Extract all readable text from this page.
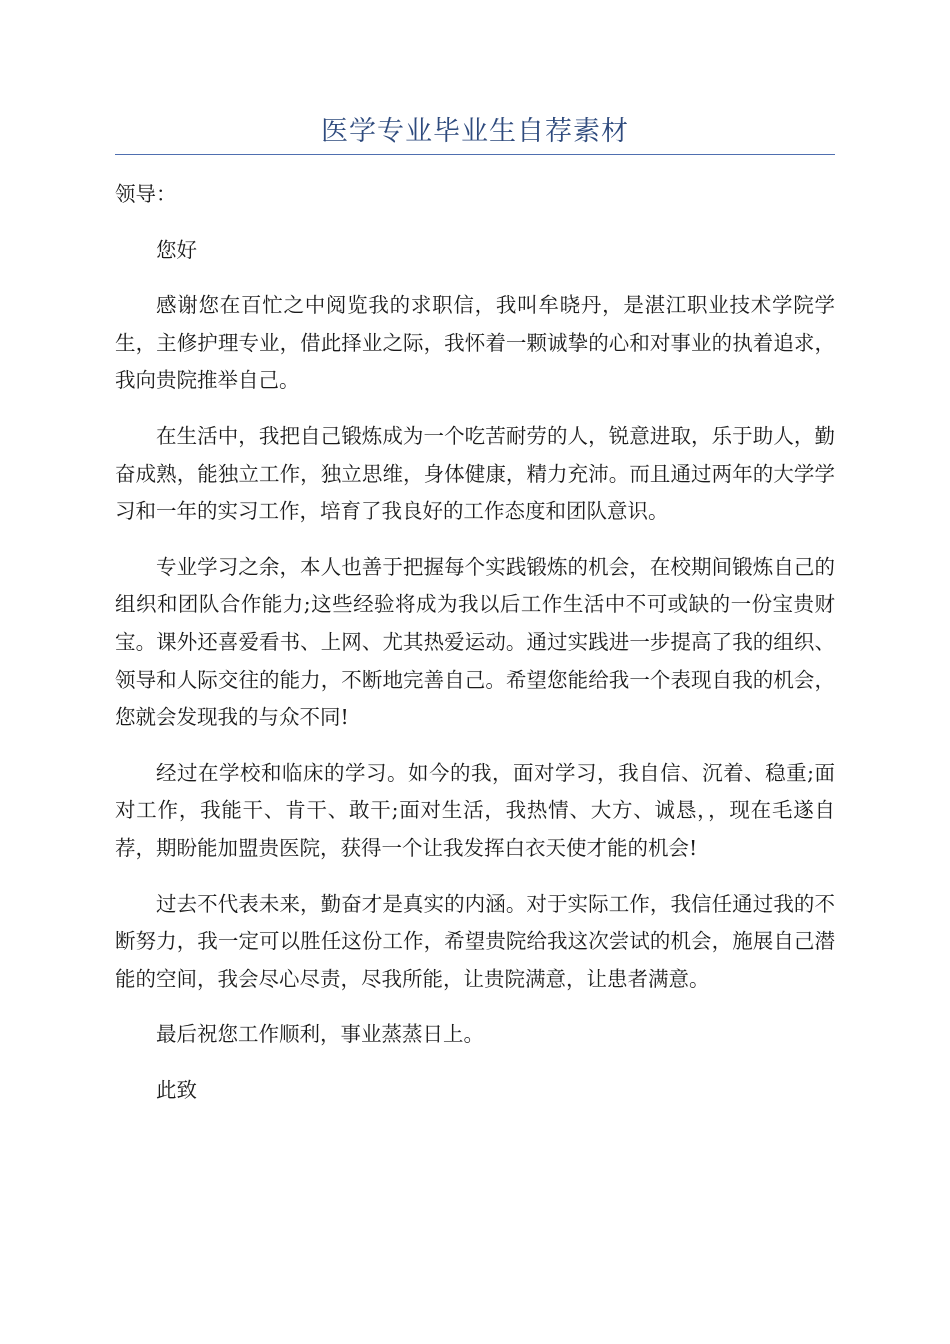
医学专业毕业生自荐素材

领导：

您好

感谢您在百忙之中阅览我的求职信，我叫牟晓丹，是湛江职业技术学院学生，主修护理专业，借此择业之际，我怀着一颗诚挚的心和对事业的执着追求，我向贵院推举自己。

在生活中，我把自己锻炼成为一个吃苦耐劳的人，锐意进取，乐于助人，勤奋成熟，能独立工作，独立思维，身体健康，精力充沛。而且通过两年的大学学习和一年的实习工作，培育了我良好的工作态度和团队意识。

专业学习之余，本人也善于把握每个实践锻炼的机会，在校期间锻炼自己的组织和团队合作能力;这些经验将成为我以后工作生活中不可或缺的一份宝贵财宝。课外还喜爱看书、上网、尤其热爱运动。通过实践进一步提高了我的组织、领导和人际交往的能力，不断地完善自己。希望您能给我一个表现自我的机会，您就会发现我的与众不同!

经过在学校和临床的学习。如今的我，面对学习，我自信、沉着、稳重;面对工作，我能干、肯干、敢干;面对生活，我热情、大方、诚恳，，现在毛遂自荐，期盼能加盟贵医院，获得一个让我发挥白衣天使才能的机会!

过去不代表未来，勤奋才是真实的内涵。对于实际工作，我信任通过我的不断努力，我一定可以胜任这份工作，希望贵院给我这次尝试的机会，施展自己潜能的空间，我会尽心尽责，尽我所能，让贵院满意，让患者满意。

最后祝您工作顺利，事业蒸蒸日上。

此致
